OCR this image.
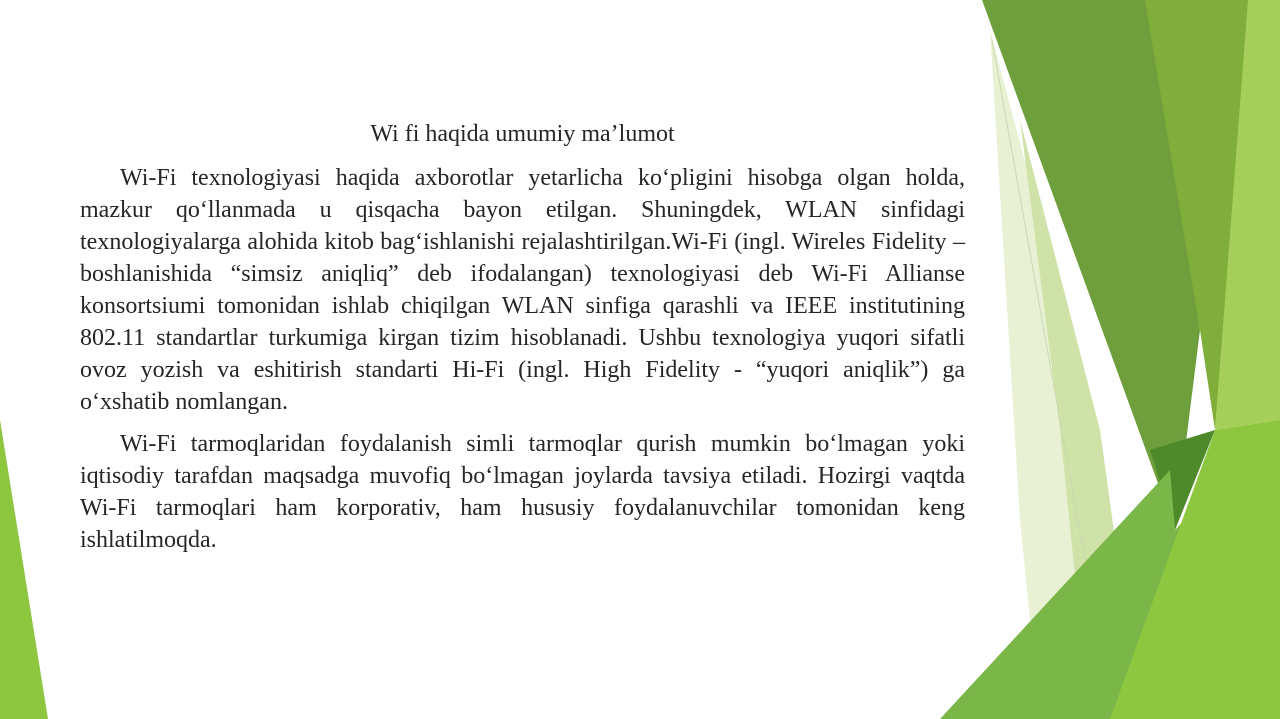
Wi fi haqida umumiy ma’lumot

Wi-Fi texnologiyasi haqida axborotlar yetarlicha ko‘pligini hisobga olgan holda, mazkur qo‘llanmada u qisqacha bayon etilgan. Shuningdek, WLAN sinfidagi texnologiyalarga alohida kitob bag‘ishlanishi rejalashtirilgan.Wi-Fi (ingl. Wireles Fidelity – boshlanishida “simsiz aniqliq” deb ifodalangan) texnologiyasi deb Wi-Fi Allianse konsortsiumi tomonidan ishlab chiqilgan WLAN sinfiga qarashli va IEEE institutining 802.11 standartlar turkumiga kirgan tizim hisoblanadi. Ushbu texnologiya yuqori sifatli ovoz yozish va eshitirish standarti Hi-Fi (ingl. High Fidelity - “yuqori aniqlik”) ga o‘xshatib nomlangan.

Wi-Fi tarmoqlaridan foydalanish simli tarmoqlar qurish mumkin bo‘lmagan yoki iqtisodiy tarafdan maqsadga muvofiq bo‘lmagan joylarda tavsiya etiladi. Hozirgi vaqtda Wi-Fi tarmoqlari ham korporativ, ham hususiy foydalanuvchilar tomonidan keng ishlatilmoqda.
